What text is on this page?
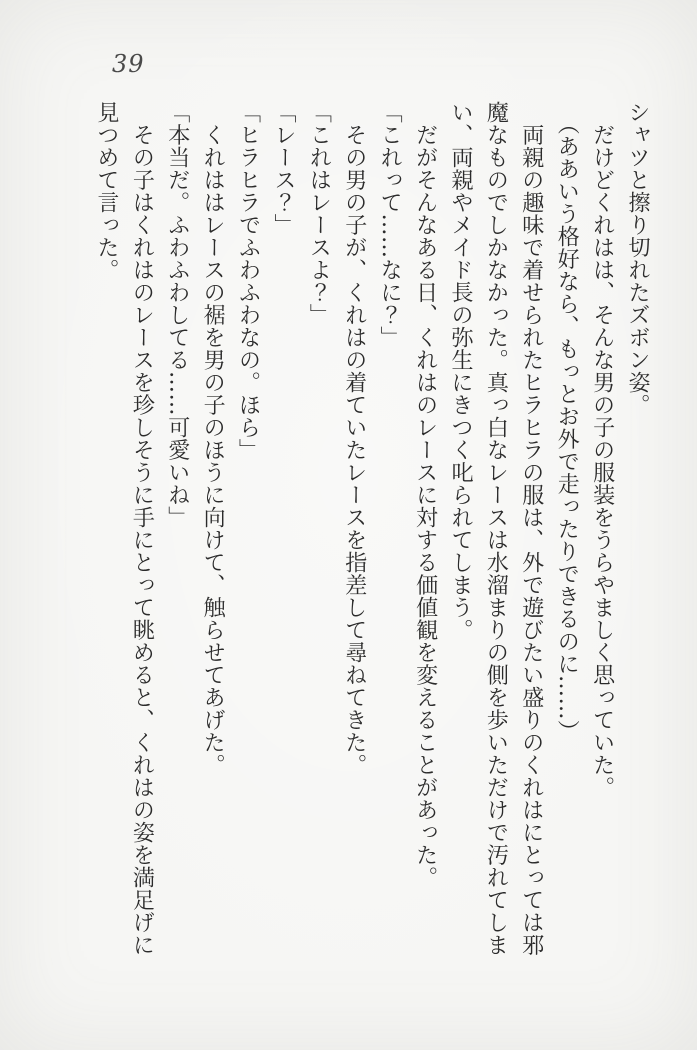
39
シャツと擦り切れたズボン姿。
　だけどくれはは、そんな男の子の服装をうらやましく思っていた。
　（ああいう格好なら、もっとお外で走ったりできるのに……）
　両親の趣味で着せられたヒラヒラの服は、外で遊びたい盛りのくれはにとっては邪
魔なものでしかなかった。真っ白なレースは水溜まりの側を歩いただけで汚れてしま
い、両親やメイド長の弥生にきつく叱られてしまう。
　だがそんなある日、くれはのレースに対する価値観を変えることがあった。
「これって……なに？」
　その男の子が、くれはの着ていたレースを指差して尋ねてきた。
「これはレースよ？」
「レース？」
「ヒラヒラでふわふわなの。ほら」
　くれははレースの裾を男の子のほうに向けて、触らせてあげた。
「本当だ。ふわふわしてる……可愛いね」
　その子はくれはのレースを珍しそうに手にとって眺めると、くれはの姿を満足げに
見つめて言った。
